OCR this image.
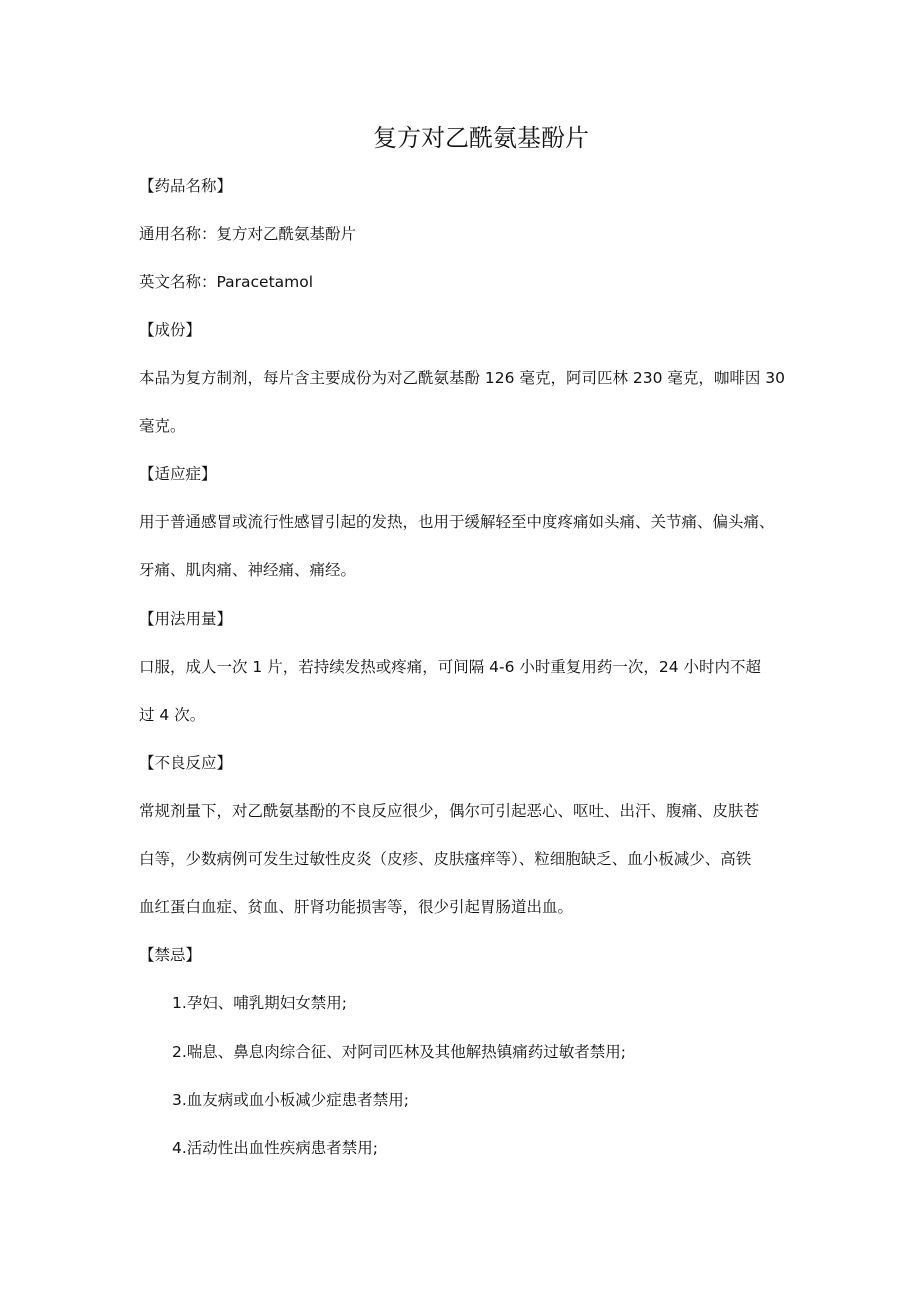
复方对乙酰氨基酚片
【药品名称】
通用名称：复方对乙酰氨基酚片
英文名称：Paracetamol
【成份】
本品为复方制剂，每片含主要成份为对乙酰氨基酚 126 毫克，阿司匹林 230 毫克，咖啡因 30
毫克。
【适应症】
用于普通感冒或流行性感冒引起的发热，也用于缓解轻至中度疼痛如头痛、关节痛、偏头痛、
牙痛、肌肉痛、神经痛、痛经。
【用法用量】
口服，成人一次 1 片，若持续发热或疼痛，可间隔 4-6 小时重复用药一次，24 小时内不超
过 4 次。
【不良反应】
常规剂量下，对乙酰氨基酚的不良反应很少，偶尔可引起恶心、呕吐、出汗、腹痛、皮肤苍
白等，少数病例可发生过敏性皮炎（皮疹、皮肤瘙痒等）、粒细胞缺乏、血小板减少、高铁
血红蛋白血症、贫血、肝肾功能损害等，很少引起胃肠道出血。
【禁忌】
1.孕妇、哺乳期妇女禁用;
2.喘息、鼻息肉综合征、对阿司匹林及其他解热镇痛药过敏者禁用;
3.血友病或血小板减少症患者禁用;
4.活动性出血性疾病患者禁用;
